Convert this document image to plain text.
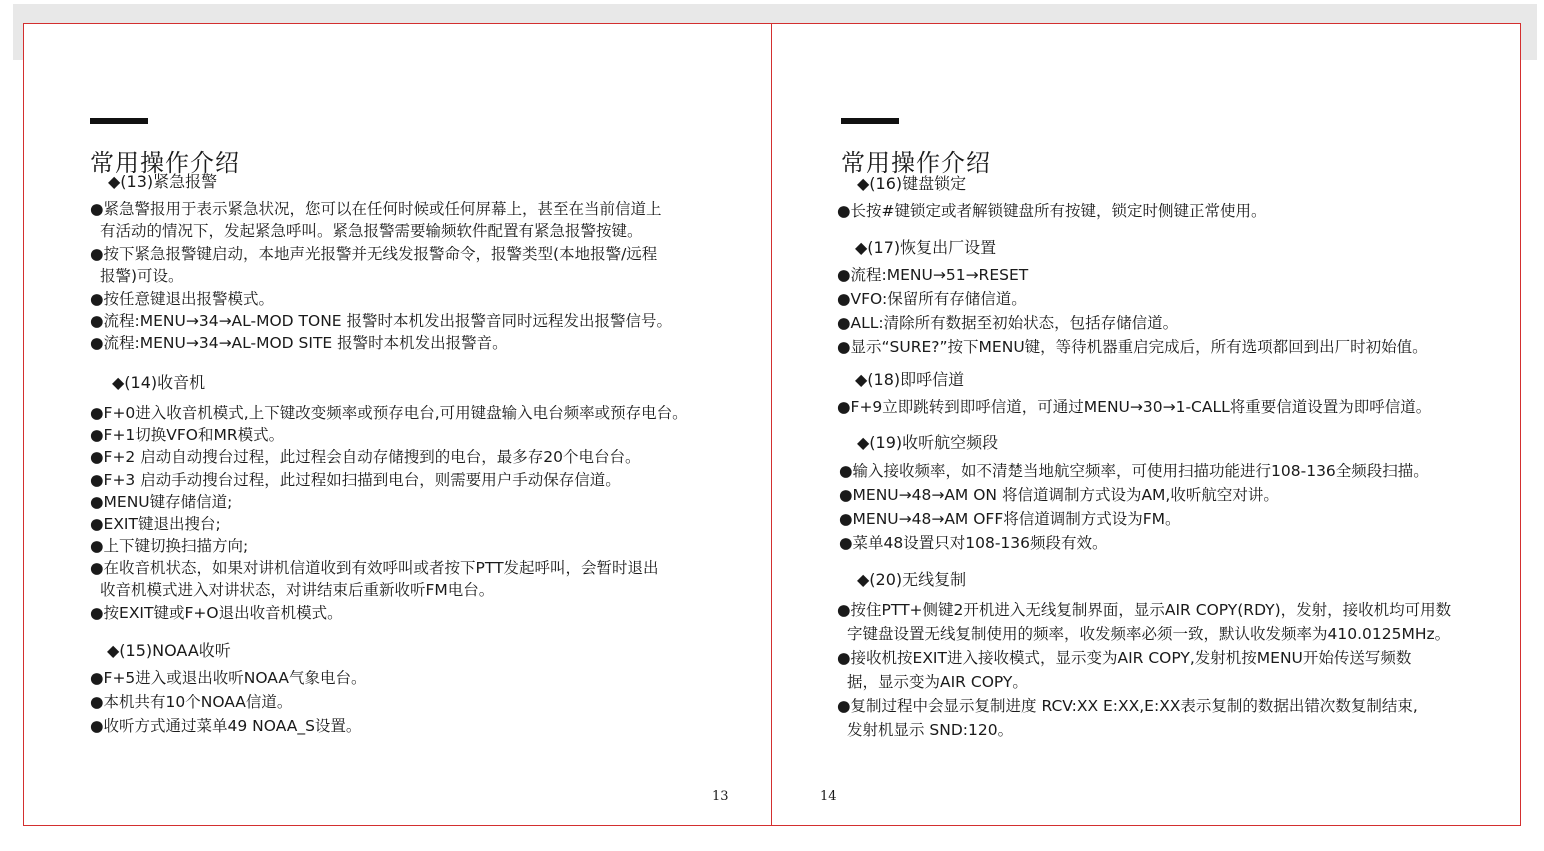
常用操作介绍
◆(13)紧急报警
●紧急警报用于表示紧急状况，您可以在任何时候或任何屏幕上，甚至在当前信道上
有活动的情况下，发起紧急呼叫。紧急报警需要输频软件配置有紧急报警按键。
●按下紧急报警键启动，本地声光报警并无线发报警命令，报警类型(本地报警/远程
报警)可设。
●按任意键退出报警模式。
●流程:MENU→34→AL-MOD TONE 报警时本机发出报警音同时远程发出报警信号。
●流程:MENU→34→AL-MOD SITE 报警时本机发出报警音。
◆(14)收音机
●F+0进入收音机模式,上下键改变频率或预存电台,可用键盘输入电台频率或预存电台。
●F+1切换VFO和MR模式。
●F+2 启动自动搜台过程，此过程会自动存储搜到的电台，最多存20个电台台。
●F+3 启动手动搜台过程，此过程如扫描到电台，则需要用户手动保存信道。
●MENU键存储信道;
●EXIT键退出搜台;
●上下键切换扫描方向;
●在收音机状态，如果对讲机信道收到有效呼叫或者按下PTT发起呼叫，会暂时退出
收音机模式进入对讲状态，对讲结束后重新收听FM电台。
●按EXIT键或F+O退出收音机模式。
◆(15)NOAA收听
●F+5进入或退出收听NOAA气象电台。
●本机共有10个NOAA信道。
●收听方式通过菜单49 NOAA_S设置。
13
常用操作介绍
◆(16)键盘锁定
●长按#键锁定或者解锁键盘所有按键，锁定时侧键正常使用。
◆(17)恢复出厂设置
●流程:MENU→51→RESET
●VFO:保留所有存储信道。
●ALL:清除所有数据至初始状态，包括存储信道。
●显示“SURE?”按下MENU键，等待机器重启完成后，所有选项都回到出厂时初始值。
◆(18)即呼信道
●F+9立即跳转到即呼信道，可通过MENU→30→1-CALL将重要信道设置为即呼信道。
◆(19)收听航空频段
●输入接收频率，如不清楚当地航空频率，可使用扫描功能进行108-136全频段扫描。
●MENU→48→AM ON 将信道调制方式设为AM,收听航空对讲。
●MENU→48→AM OFF将信道调制方式设为FM。
●菜单48设置只对108-136频段有效。
◆(20)无线复制
●按住PTT+侧键2开机进入无线复制界面，显示AIR COPY(RDY)，发射，接收机均可用数
字键盘设置无线复制使用的频率，收发频率必须一致，默认收发频率为410.0125MHz。
●接收机按EXIT进入接收模式，显示变为AIR COPY,发射机按MENU开始传送写频数
据，显示变为AIR COPY。
●复制过程中会显示复制进度 RCV:XX E:XX,E:XX表示复制的数据出错次数复制结束,
发射机显示 SND:120。
14
